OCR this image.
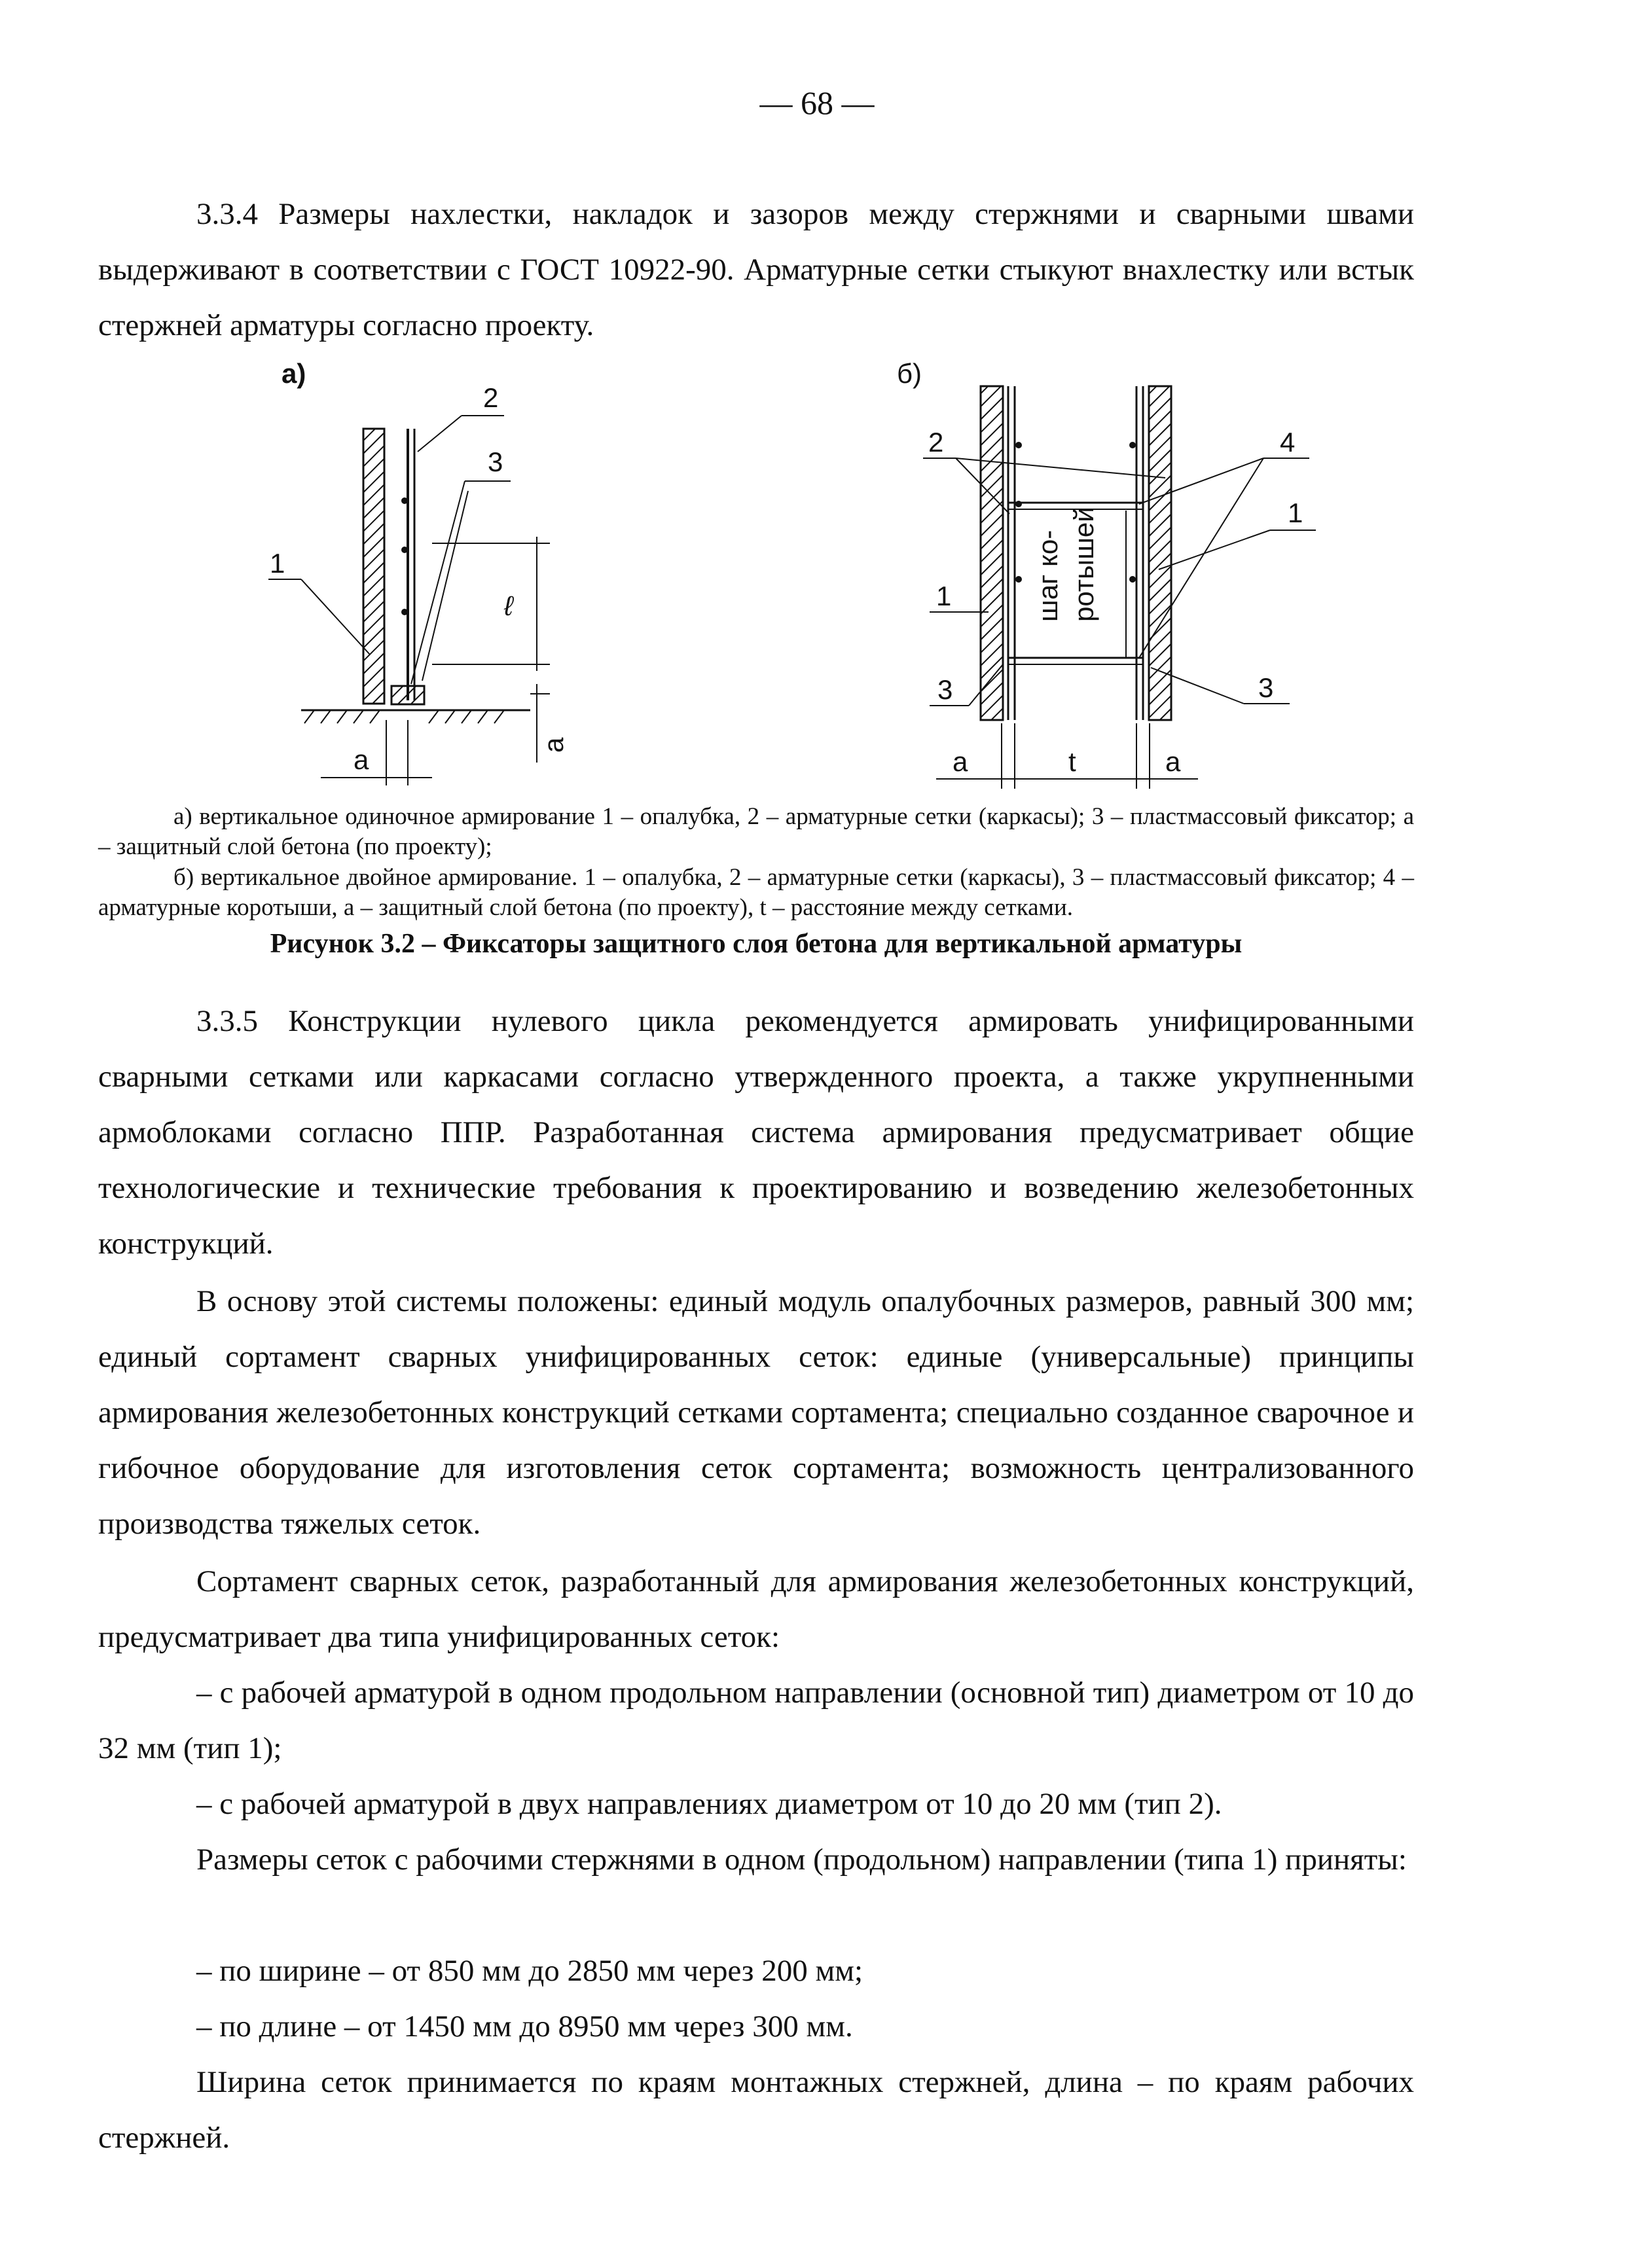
— 68 —

3.3.4 Размеры нахлестки, накладок и зазоров между стержнями и сварными швами выдерживают в соответствии с ГОСТ 10922-90. Арматурные сетки стыкуют внахлестку или встык стержней арматуры согласно проекту.

а)
1
2
3
ℓ
a
a
б)
шаг ко- ротышей
2	4
1
1
3	3
a	t	a

а) вертикальное одиночное армирование 1 – опалубка, 2 – арматурные сетки (каркасы); 3 – пластмассовый фиксатор; а – защитный слой бетона (по проекту);

б) вертикальное двойное армирование. 1 – опалубка, 2 – арматурные сетки (каркасы), 3 – пластмассовый фиксатор; 4 – арматурные коротыши, а – защитный слой бетона (по проекту), t – расстояние между сетками.

Рисунок 3.2 – Фиксаторы защитного слоя бетона для вертикальной арматуры

3.3.5 Конструкции нулевого цикла рекомендуется армировать унифицированными сварными сетками или каркасами согласно утвержденного проекта, а также укрупненными армоблоками согласно ППР. Разработанная система армирования предусматривает общие технологические и технические требования к проектированию и возведению железобетонных конструкций.

В основу этой системы положены: единый модуль опалубочных размеров, равный 300 мм; единый сортамент сварных унифицированных сеток: единые (универсальные) принципы армирования железобетонных конструкций сетками сортамента; специально созданное сварочное и гибочное оборудование для изготовления сеток сортамента; возможность централизованного производства тяжелых сеток.

Сортамент сварных сеток, разработанный для армирования железобетонных конструкций, предусматривает два типа унифицированных сеток:

– с рабочей арматурой в одном продольном направлении (основной тип) диаметром от 10 до 32 мм (тип 1);

– с рабочей арматурой в двух направлениях диаметром от 10 до 20 мм (тип 2).

Размеры сеток с рабочими стержнями в одном (продольном) направлении (типа 1) приняты:

– по ширине – от 850 мм до 2850 мм через 200 мм;

– по длине – от 1450 мм до 8950 мм через 300 мм.

Ширина сеток принимается по краям монтажных стержней, длина – по краям рабочих стержней.
